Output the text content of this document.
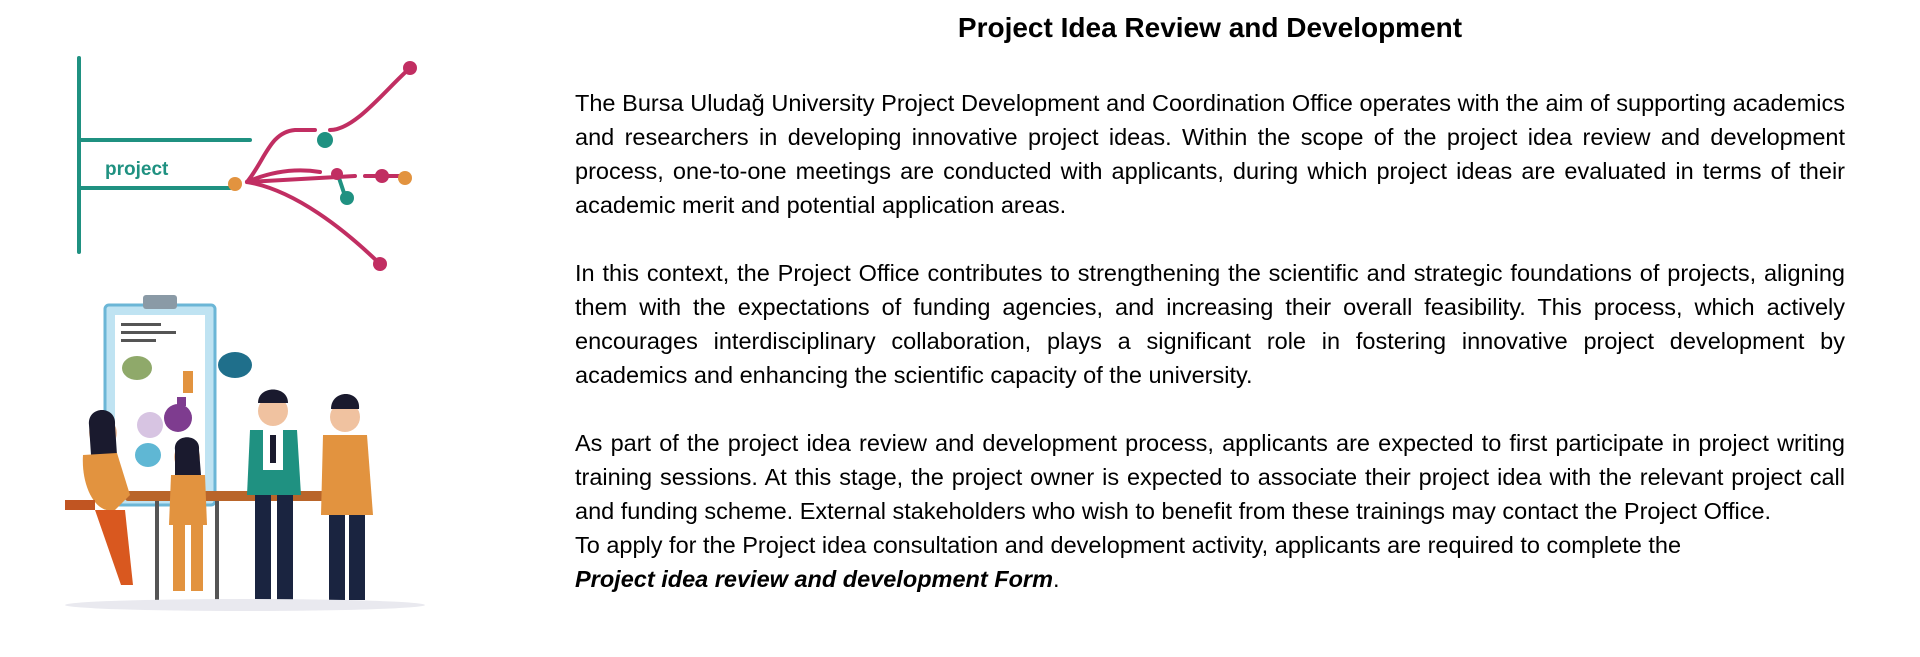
project
Project Idea Review and Development

The Bursa Uludağ University Project Development and Coordination Office operates with the aim of supporting academics and researchers in developing innovative project ideas. Within the scope of the project idea review and development process, one-to-one meetings are conducted with applicants, during which project ideas are evaluated in terms of their academic merit and potential application areas.

In this context, the Project Office contributes to strengthening the scientific and strategic foundations of projects, aligning them with the expectations of funding agencies, and increasing their overall feasibility. This process, which actively encourages interdisciplinary collaboration, plays a significant role in fostering innovative project development by academics and enhancing the scientific capacity of the university.

As part of the project idea review and development process, applicants are expected to first participate in project writing training sessions. At this stage, the project owner is expected to associate their project idea with the relevant project call and funding scheme. External stakeholders who wish to benefit from these trainings may contact the Project Office.

To apply for the Project idea consultation and development activity, applicants are required to complete the
Project idea review and development Form.
